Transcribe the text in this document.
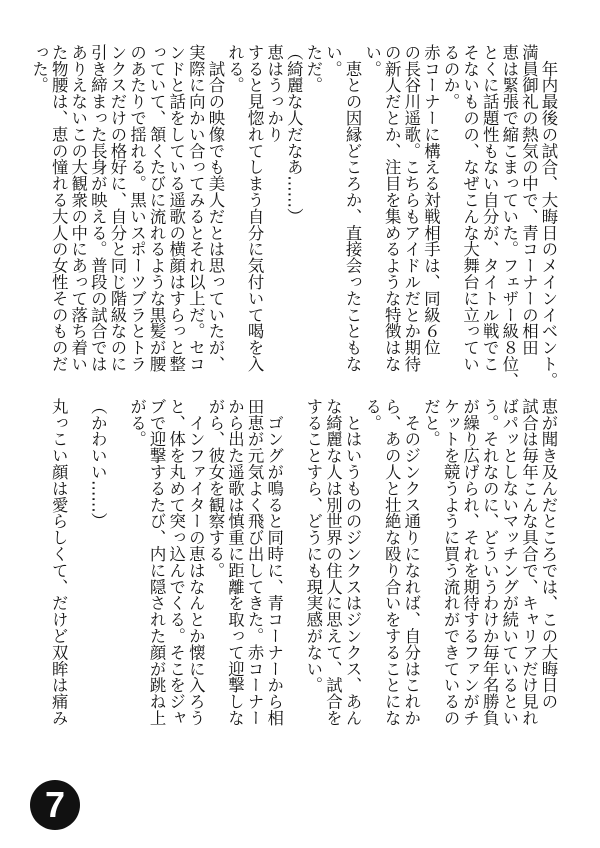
　年内最後の試合、大晦日のメインイベント。
満員御礼の熱気の中で、青コーナーの相田
恵は緊張で縮こまっていた。フェザー級８位、
とくに話題性もない自分が、タイトル戦でこ
そないものの、なぜこんな大舞台に立ってい
るのか。
赤コーナーに構える対戦相手は、同級６位
の長谷川遥歌。こちらもアイドルだとか期待
の新人だとか、注目を集めるような特徴はな
い。
　恵との因縁どころか、直接会ったこともな
い。
ただ。
（綺麗な人だなあ……）
恵はうっかり
すると見惚れてしまう自分に気付いて喝を入
れる。
　試合の映像でも美人だとは思っていたが、
実際に向かい合ってみるとそれ以上だ。セコ
ンドと話をしている遥歌の横顔はすらっと整
っていて、頷くたびに流れるような黒髪が腰
のあたりで揺れる。黒いスポーツブラとトラ
ンクスだけの格好に、自分と同じ階級なのに
引き締まった長身が映える。普段の試合では
ありえないこの大観衆の中にあって落ち着い
た物腰は、恵の憧れる大人の女性そのものだ
った。
恵が聞き及んだところでは、この大晦日の
試合は毎年こんな具合で、キャリアだけ見れ
ばパッとしないマッチングが続いているとい
う。それなのに、どういうわけか毎年名勝負
が繰り広げられ、それを期待するファンがチ
ケットを競うように買う流れができているの
だと。
　そのジンクス通りになれば、自分はこれか
ら、あの人と壮絶な殴り合いをすることにな
る。
　とはいうもののジンクスはジンクス、あん
な綺麗な人は別世界の住人に思えて、試合を
することすら、どうにも現実感がない。
　ゴングが鳴ると同時に、青コーナーから相
田恵が元気よく飛び出してきた。赤コーナー
から出た遥歌は慎重に距離を取って迎撃しな
がら、彼女を観察する。
　インファイターの恵はなんとか懐に入ろう
と、体を丸めて突っ込んでくる。そこをジャ
ブで迎撃するたび、内に隠された顔が跳ね上
がる。
（かわいい……）
丸っこい顔は愛らしくて、だけど双眸は痛み
7
